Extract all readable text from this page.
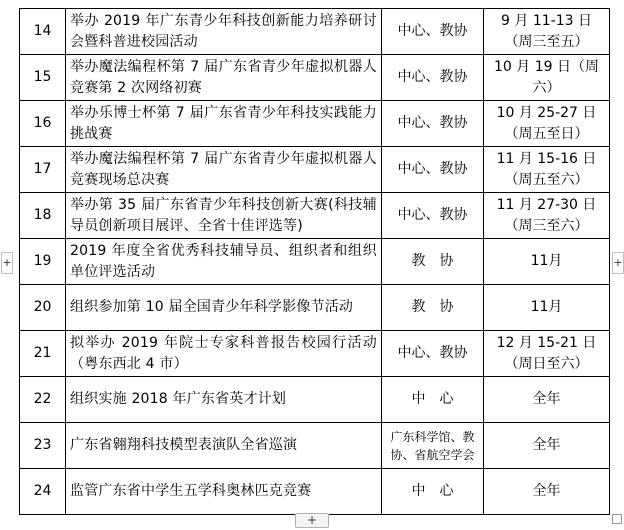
14	举办 2019 年广东青少年科技创新能力培养研讨会暨科普进校园活动	中心、教协	9 月 11-13 日（周三至五）
15	举办魔法编程杯第 7 届广东省青少年虚拟机器人竞赛第 2 次网络初赛	中心、教协	10 月 19 日（周六）
16	举办乐博士杯第 7 届广东省青少年科技实践能力挑战赛	中心、教协	10 月 25-27 日（周五至日）
17	举办魔法编程杯第 7 届广东省青少年虚拟机器人竞赛现场总决赛	中心、教协	11 月 15-16 日（周五至六）
18	举办第 35 届广东省青少年科技创新大赛(科技辅导员创新项目展评、全省十佳评选等)	中心、教协	11 月 27-30 日（周三至六）
19	2019 年度全省优秀科技辅导员、组织者和组织单位评选活动	教　协	11月
20	组织参加第 10 届全国青少年科学影像节活动	教　协	11月
21	拟举办 2019 年院士专家科普报告校园行活动（粤东西北 4 市）	中心、教协	12 月 15-21 日（周日至六）
22	组织实施 2018 年广东省英才计划	中　心	全年
23	广东省翱翔科技模型表演队全省巡演	广东科学馆、教协、省航空学会	全年
24	监管广东省中学生五学科奥林匹克竞赛	中　心	全年
+	+
+
